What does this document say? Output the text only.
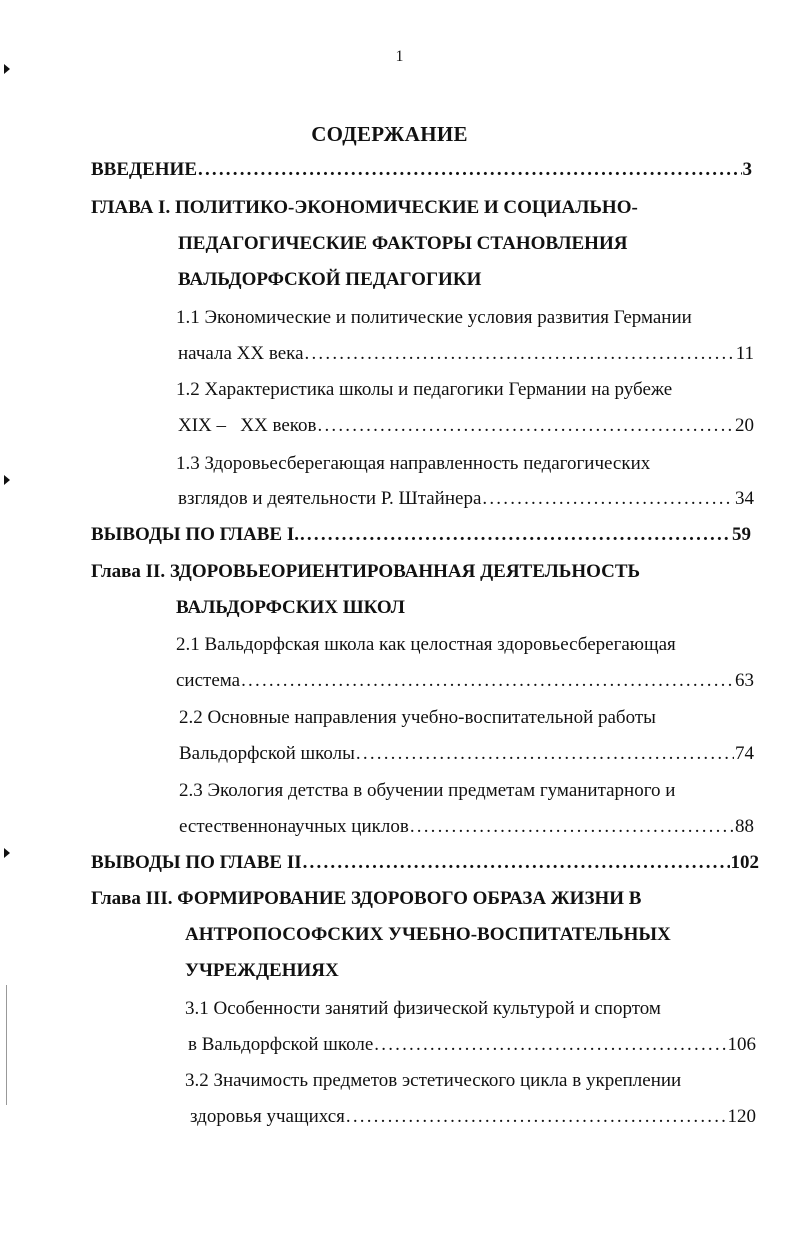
1
СОДЕРЖАНИЕ
ВВЕДЕНИЕ .....	3
ГЛАВА I. ПОЛИТИКО-ЭКОНОМИЧЕСКИЕ И СОЦИАЛЬНО-
ПЕДАГОГИЧЕСКИЕ ФАКТОРЫ СТАНОВЛЕНИЯ
ВАЛЬДОРФСКОЙ ПЕДАГОГИКИ
1.1 Экономические и политические условия развития Германии
начала XX века .....	11
1.2 Характеристика школы и педагогики Германии на рубеже
XIX –   XX веков .....	20
1.3 Здоровьесберегающая направленность педагогических
взглядов и деятельности Р. Штайнера .....	34
ВЫВОДЫ ПО ГЛАВЕ I. .....	59
Глава II. ЗДОРОВЬЕОРИЕНТИРОВАННАЯ ДЕЯТЕЛЬНОСТЬ
ВАЛЬДОРФСКИХ ШКОЛ
2.1 Вальдорфская школа как целостная здоровьесберегающая
система .....	63
2.2 Основные направления учебно-воспитательной работы
Вальдорфской школы .....	74
2.3 Экология детства в обучении предметам гуманитарного и
естественнонаучных циклов .....	88
ВЫВОДЫ ПО ГЛАВЕ II .....	102
Глава III. ФОРМИРОВАНИЕ ЗДОРОВОГО ОБРАЗА ЖИЗНИ В
АНТРОПОСОФСКИХ УЧЕБНО-ВОСПИТАТЕЛЬНЫХ
УЧРЕЖДЕНИЯХ
3.1 Особенности занятий физической культурой и спортом
в Вальдорфской школе .....	106
3.2 Значимость предметов эстетического цикла в укреплении
здоровья учащихся .....	120
